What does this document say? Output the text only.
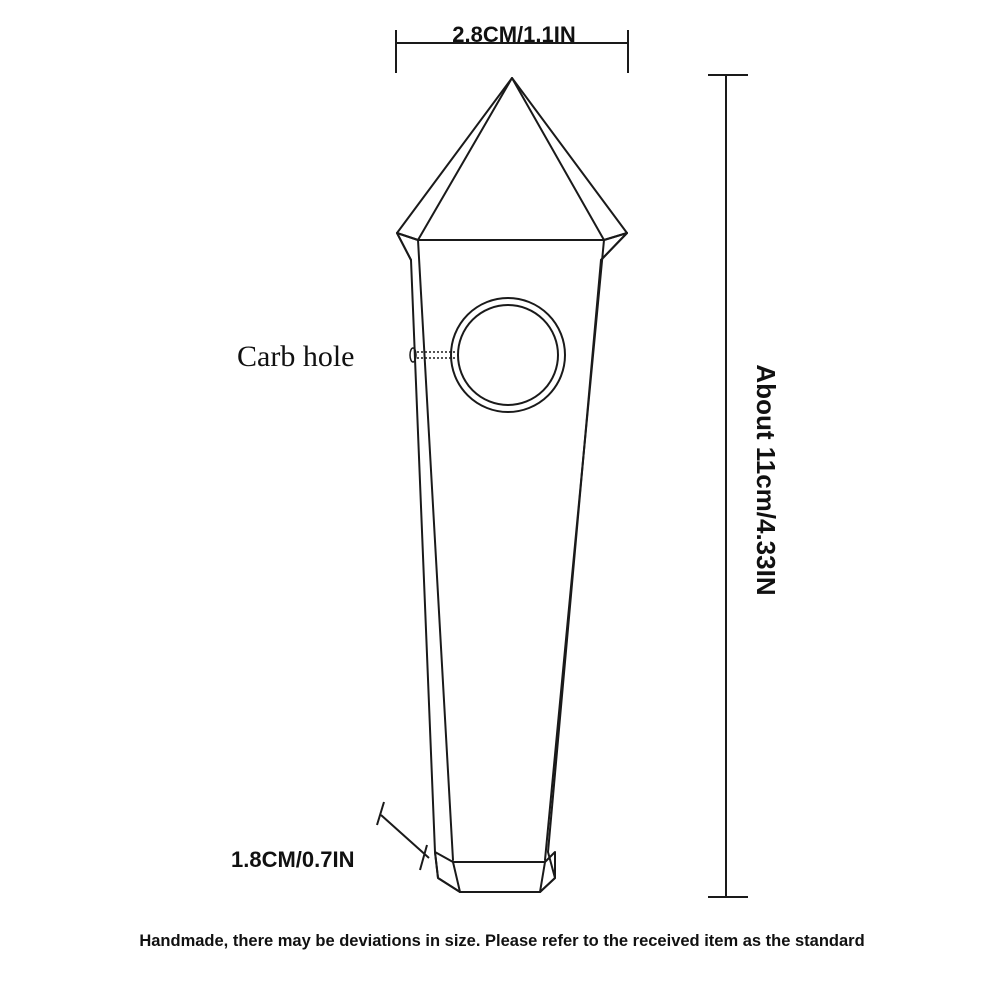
2.8CM/1.1IN
About 11cm/4.33IN
Carb hole
1.8CM/0.7IN
Handmade, there may be deviations in size. Please refer to the received item as the standard
